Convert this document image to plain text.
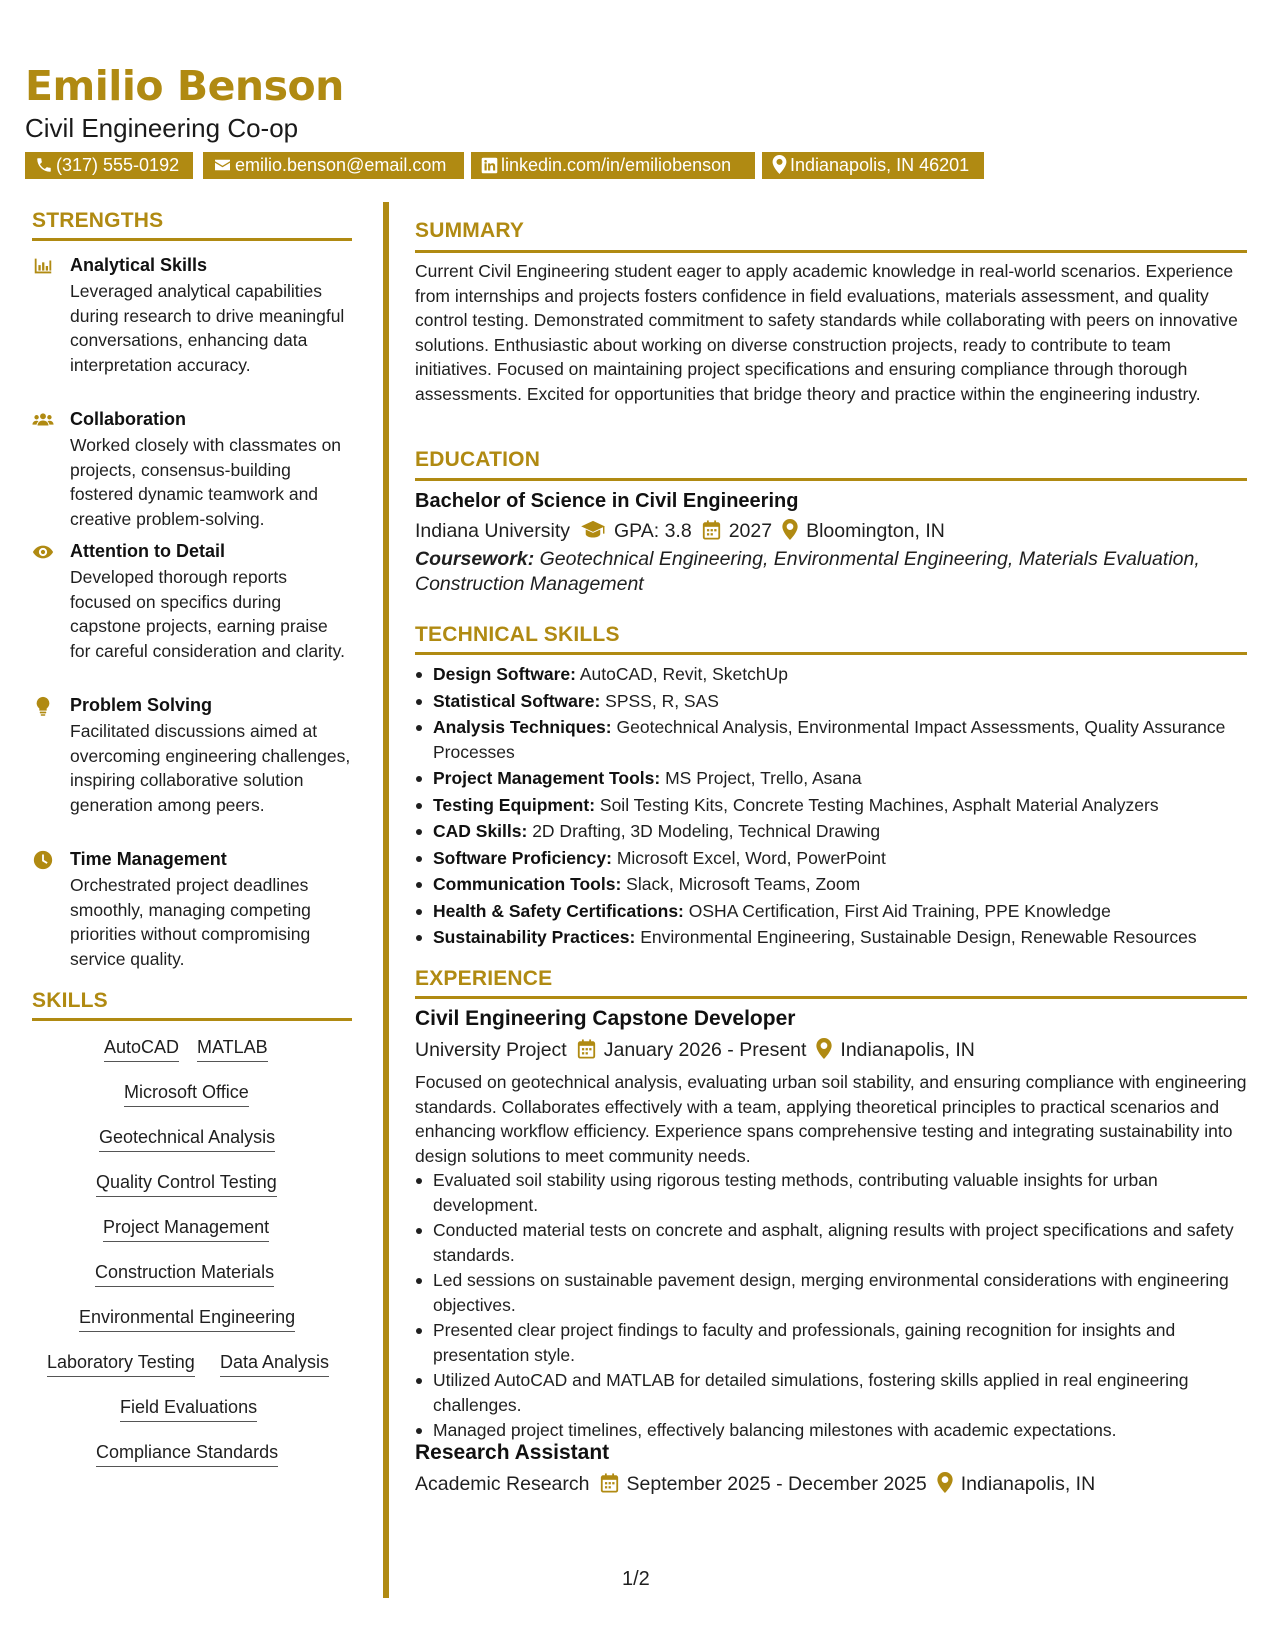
Emilio Benson
Civil Engineering Co-op
(317) 555-0192	emilio.benson@email.com	linkedin.com/in/emiliobenson	Indianapolis, IN 46201
STRENGTHS
Analytical Skills
Leveraged analytical capabilities during research to drive meaningful conversations, enhancing data interpretation accuracy.
Collaboration
Worked closely with classmates on projects, consensus-building fostered dynamic teamwork and creative problem-solving.
Attention to Detail
Developed thorough reports focused on specifics during capstone projects, earning praise for careful consideration and clarity.
Problem Solving
Facilitated discussions aimed at overcoming engineering challenges, inspiring collaborative solution generation among peers.
Time Management
Orchestrated project deadlines smoothly, managing competing priorities without compromising service quality.
SKILLS
AutoCAD MATLAB
Microsoft Office
Geotechnical Analysis
Quality Control Testing
Project Management
Construction Materials
Environmental Engineering
Laboratory Testing Data Analysis
Field Evaluations
Compliance Standards
SUMMARY
Current Civil Engineering student eager to apply academic knowledge in real-world scenarios. Experience from internships and projects fosters confidence in field evaluations, materials assessment, and quality control testing. Demonstrated commitment to safety standards while collaborating with peers on innovative solutions. Enthusiastic about working on diverse construction projects, ready to contribute to team initiatives. Focused on maintaining project specifications and ensuring compliance through thorough assessments. Excited for opportunities that bridge theory and practice within the engineering industry.
EDUCATION
Bachelor of Science in Civil Engineering
Indiana University GPA: 3.8 2027 Bloomington, IN
Coursework: Geotechnical Engineering, Environmental Engineering, Materials Evaluation, Construction Management
TECHNICAL SKILLS
Design Software: AutoCAD, Revit, SketchUp
Statistical Software: SPSS, R, SAS
Analysis Techniques: Geotechnical Analysis, Environmental Impact Assessments, Quality Assurance Processes
Project Management Tools: MS Project, Trello, Asana
Testing Equipment: Soil Testing Kits, Concrete Testing Machines, Asphalt Material Analyzers
CAD Skills: 2D Drafting, 3D Modeling, Technical Drawing
Software Proficiency: Microsoft Excel, Word, PowerPoint
Communication Tools: Slack, Microsoft Teams, Zoom
Health & Safety Certifications: OSHA Certification, First Aid Training, PPE Knowledge
Sustainability Practices: Environmental Engineering, Sustainable Design, Renewable Resources
EXPERIENCE
Civil Engineering Capstone Developer
University Project January 2026 - Present Indianapolis, IN
Focused on geotechnical analysis, evaluating urban soil stability, and ensuring compliance with engineering standards. Collaborates effectively with a team, applying theoretical principles to practical scenarios and enhancing workflow efficiency. Experience spans comprehensive testing and integrating sustainability into design solutions to meet community needs.
Evaluated soil stability using rigorous testing methods, contributing valuable insights for urban development.
Conducted material tests on concrete and asphalt, aligning results with project specifications and safety standards.
Led sessions on sustainable pavement design, merging environmental considerations with engineering objectives.
Presented clear project findings to faculty and professionals, gaining recognition for insights and presentation style.
Utilized AutoCAD and MATLAB for detailed simulations, fostering skills applied in real engineering challenges.
Managed project timelines, effectively balancing milestones with academic expectations.
Research Assistant
Academic Research September 2025 - December 2025 Indianapolis, IN
1/2
